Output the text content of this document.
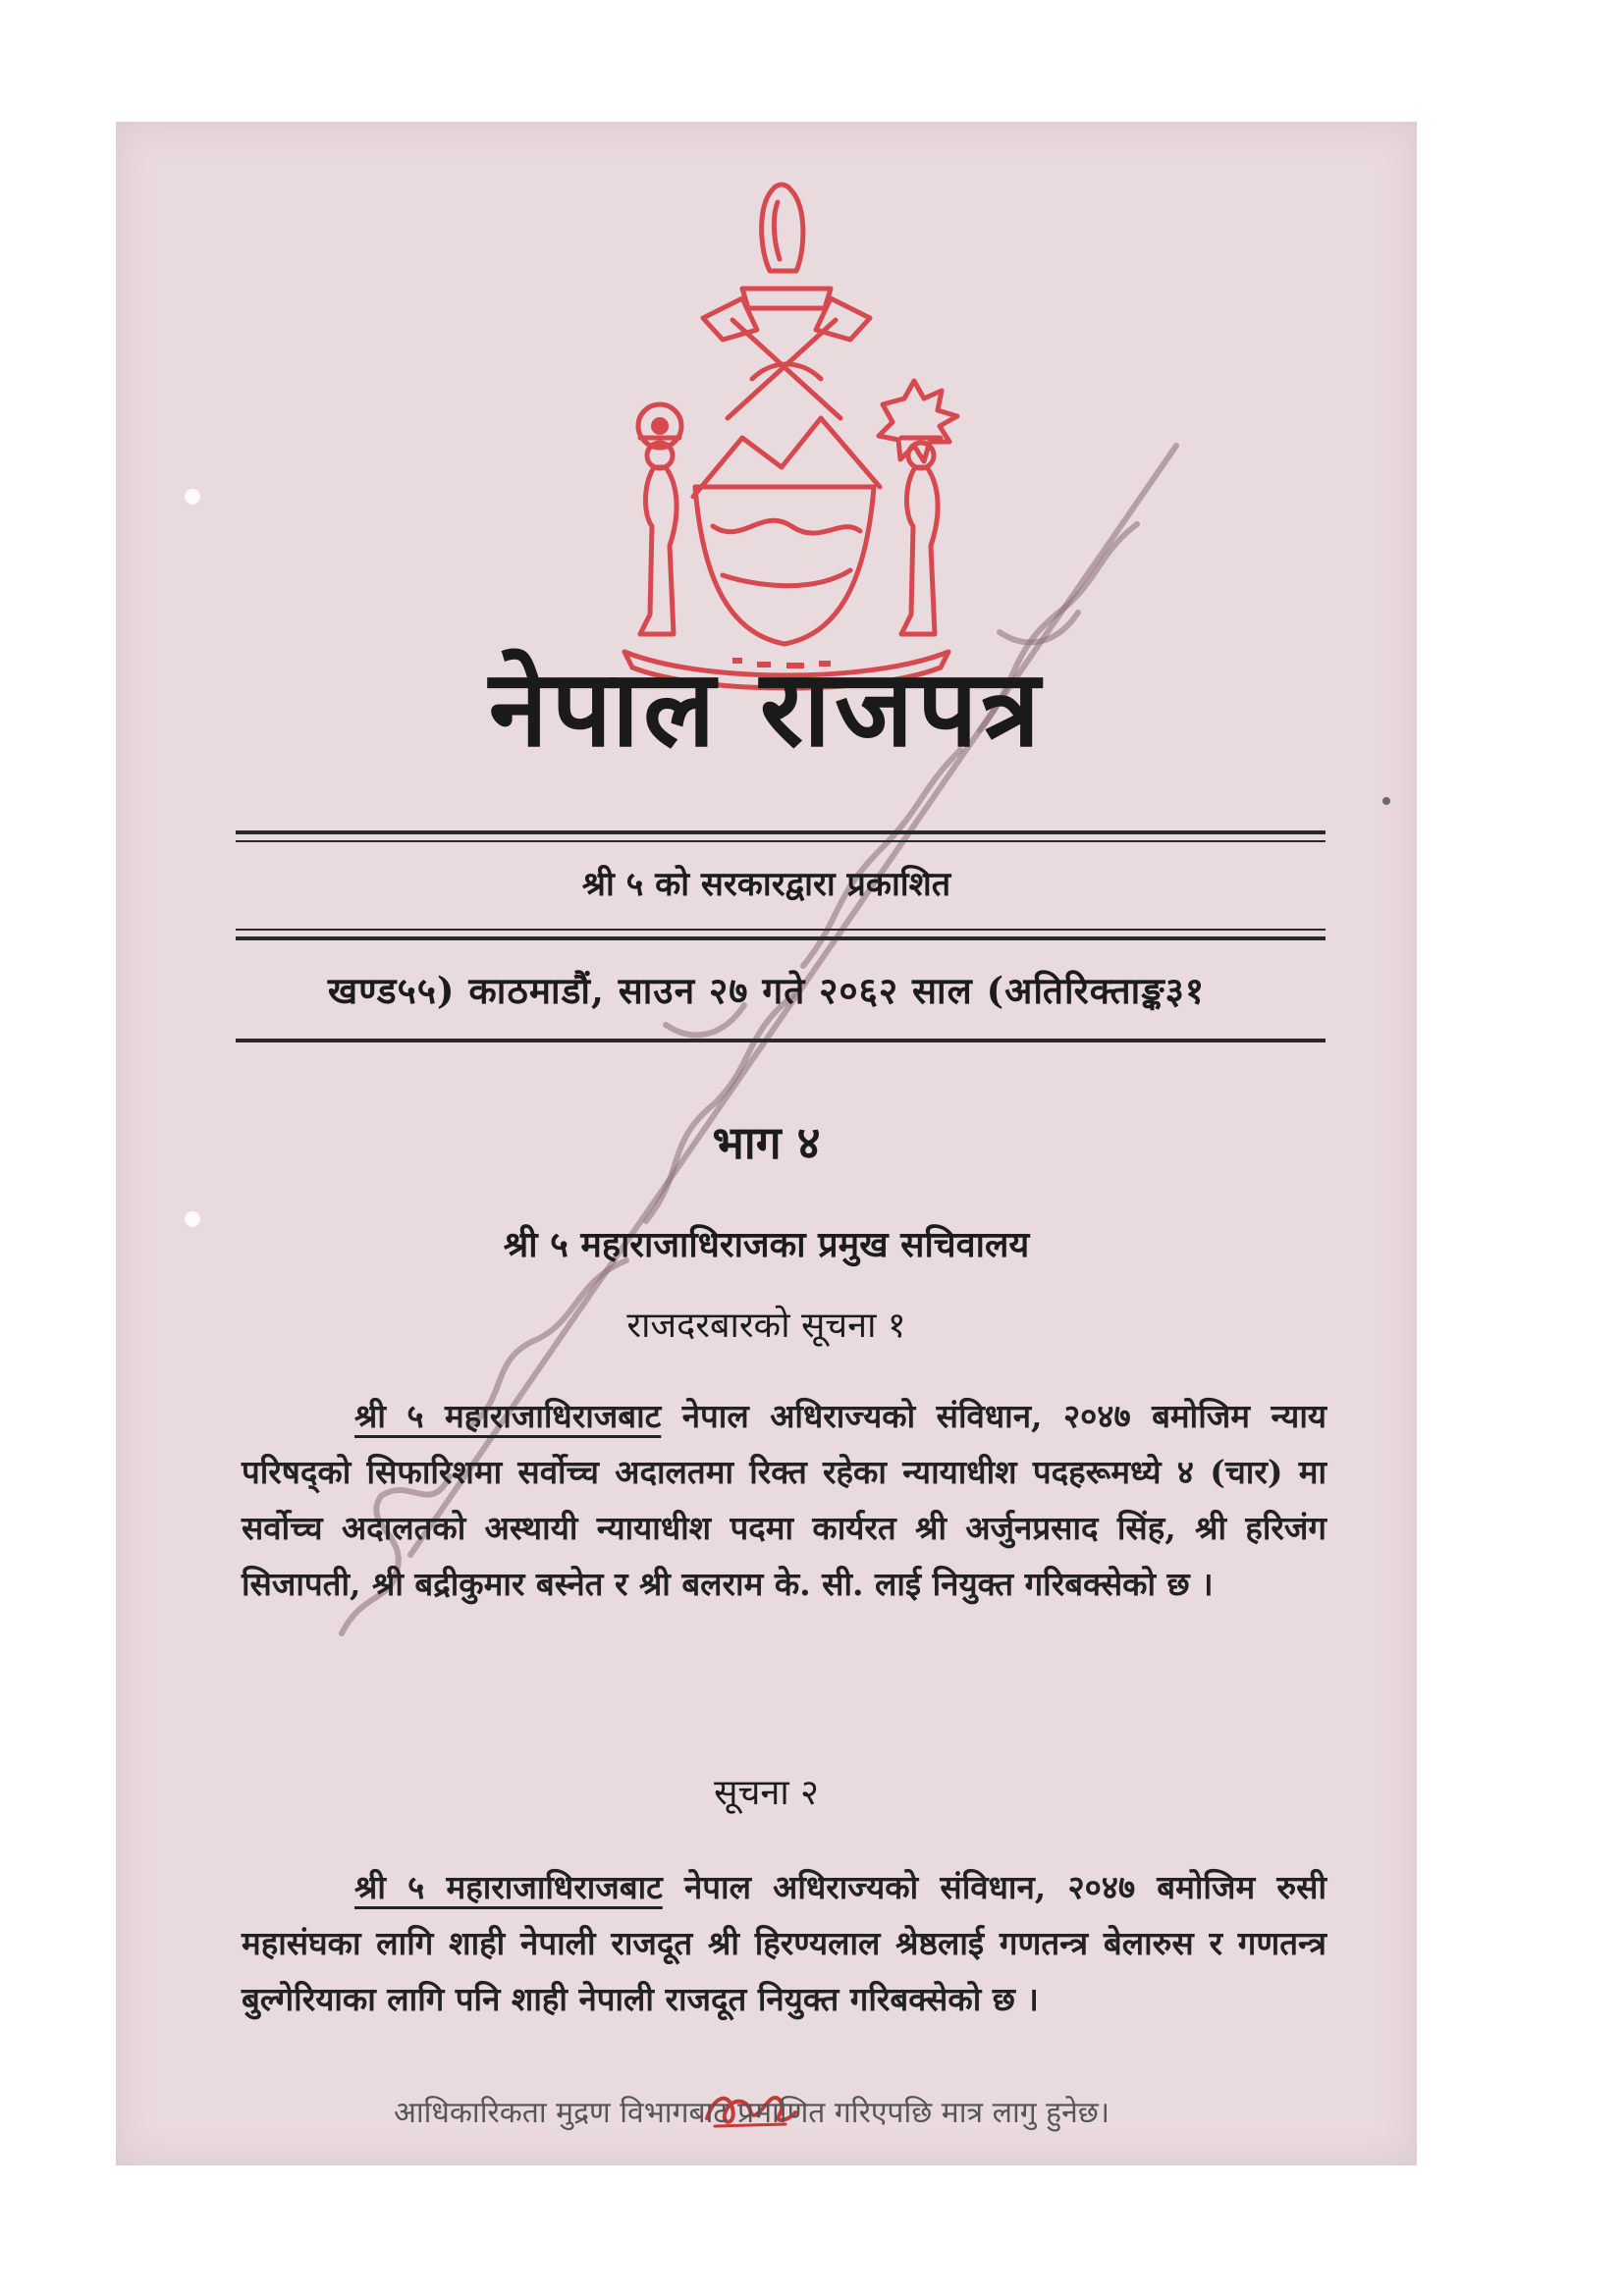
नेपाल राजपत्र
श्री ५ को सरकारद्वारा प्रकाशित
खण्ड५५) काठमाडौं, साउन २७ गते २०६२ साल (अतिरिक्ताङ्क३१
भाग ४
श्री ५ महाराजाधिराजका प्रमुख सचिवालय
राजदरबारको सूचना १
श्री ५ महाराजाधिराजबाट नेपाल अधिराज्यको संविधान, २०४७ बमोजिम न्याय परिषद्को सिफारिशमा सर्वोच्च अदालतमा रिक्त रहेका न्यायाधीश पदहरूमध्ये ४ (चार) मा सर्वोच्च अदालतको अस्थायी न्यायाधीश पदमा कार्यरत श्री अर्जुनप्रसाद सिंह, श्री हरिजंग सिजापती, श्री बद्रीकुमार बस्नेत र श्री बलराम के. सी. लाई नियुक्त गरिबक्सेको छ ।
सूचना २
श्री ५ महाराजाधिराजबाट नेपाल अधिराज्यको संविधान, २०४७ बमोजिम रुसी महासंघका लागि शाही नेपाली राजदूत श्री हिरण्यलाल श्रेष्ठलाई गणतन्त्र बेलारुस र गणतन्त्र बुल्गेरियाका लागि पनि शाही नेपाली राजदूत नियुक्त गरिबक्सेको छ ।
आधिकारिकता मुद्रण विभागबाट प्रमाणित गरिएपछि मात्र लागु हुनेछ।
